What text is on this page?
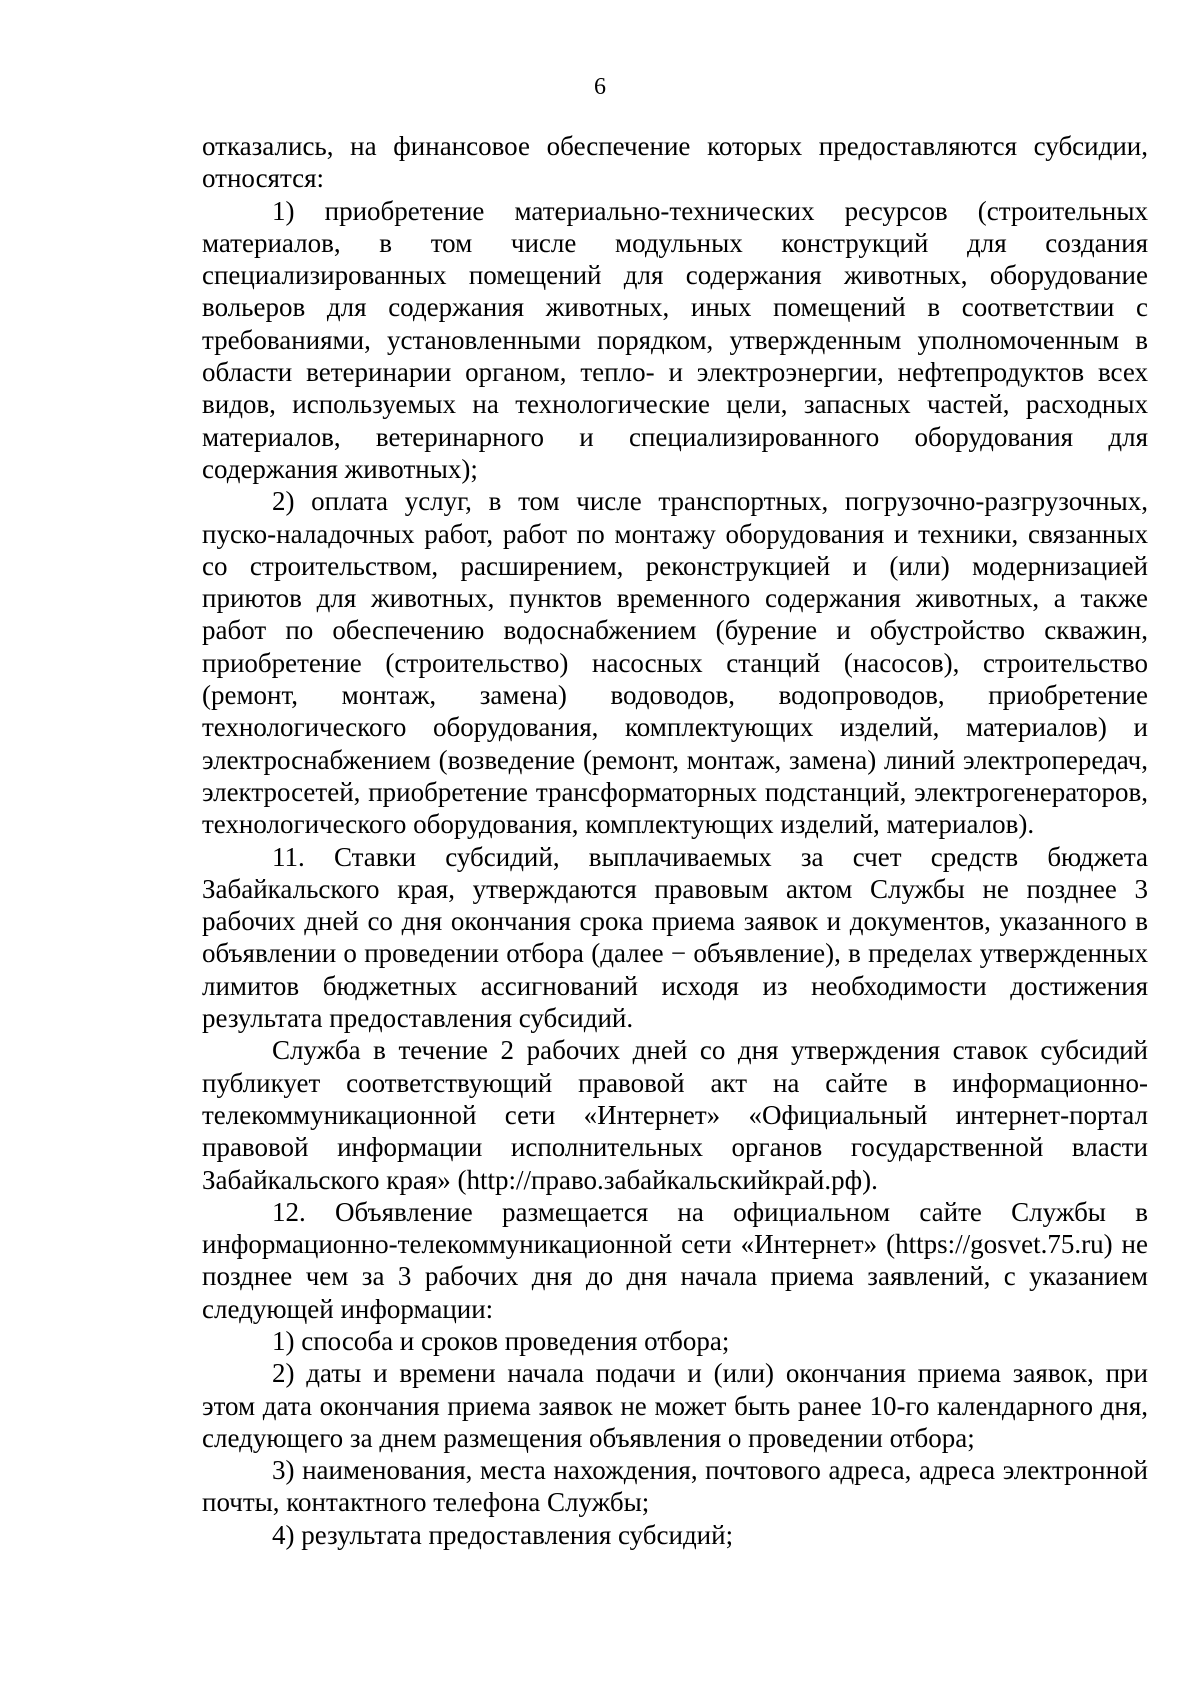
6

отказались, на финансовое обеспечение которых предоставляются субсидии, относятся:

1) приобретение материально-технических ресурсов (строительных материалов, в том числе модульных конструкций для создания специализированных помещений для содержания животных, оборудование вольеров для содержания животных, иных помещений в соответствии с требованиями, установленными порядком, утвержденным уполномоченным в области ветеринарии органом, тепло- и электроэнергии, нефтепродуктов всех видов, используемых на технологические цели, запасных частей, расходных материалов, ветеринарного и специализированного оборудования для содержания животных);

2) оплата услуг, в том числе транспортных, погрузочно-разгрузочных, пуско-наладочных работ, работ по монтажу оборудования и техники, связанных со строительством, расширением, реконструкцией и (или) модернизацией приютов для животных, пунктов временного содержания животных, а также работ по обеспечению водоснабжением (бурение и обустройство скважин, приобретение (строительство) насосных станций (насосов), строительство (ремонт, монтаж, замена) водоводов, водопроводов, приобретение технологического оборудования, комплектующих изделий, материалов) и электроснабжением (возведение (ремонт, монтаж, замена) линий электропередач, электросетей, приобретение трансформаторных подстанций, электрогенераторов, технологического оборудования, комплектующих изделий, материалов).

11. Ставки субсидий, выплачиваемых за счет средств бюджета Забайкальского края, утверждаются правовым актом Службы не позднее 3 рабочих дней со дня окончания срока приема заявок и документов, указанного в объявлении о проведении отбора (далее − объявление), в пределах утвержденных лимитов бюджетных ассигнований исходя из необходимости достижения результата предоставления субсидий.

Служба в течение 2 рабочих дней со дня утверждения ставок субсидий публикует соответствующий правовой акт на сайте в информационно-телекоммуникационной сети «Интернет» «Официальный интернет-портал правовой информации исполнительных органов государственной власти Забайкальского края» (http://право.забайкальскийкрай.рф).

12. Объявление размещается на официальном сайте Службы в информационно-телекоммуникационной сети «Интернет» (https://gosvet.75.ru) не позднее чем за 3 рабочих дня до дня начала приема заявлений, с указанием следующей информации:

1) способа и сроков проведения отбора;

2) даты и времени начала подачи и (или) окончания приема заявок, при этом дата окончания приема заявок не может быть ранее 10-го календарного дня, следующего за днем размещения объявления о проведении отбора;

3) наименования, места нахождения, почтового адреса, адреса электронной почты, контактного телефона Службы;

4) результата предоставления субсидий;
